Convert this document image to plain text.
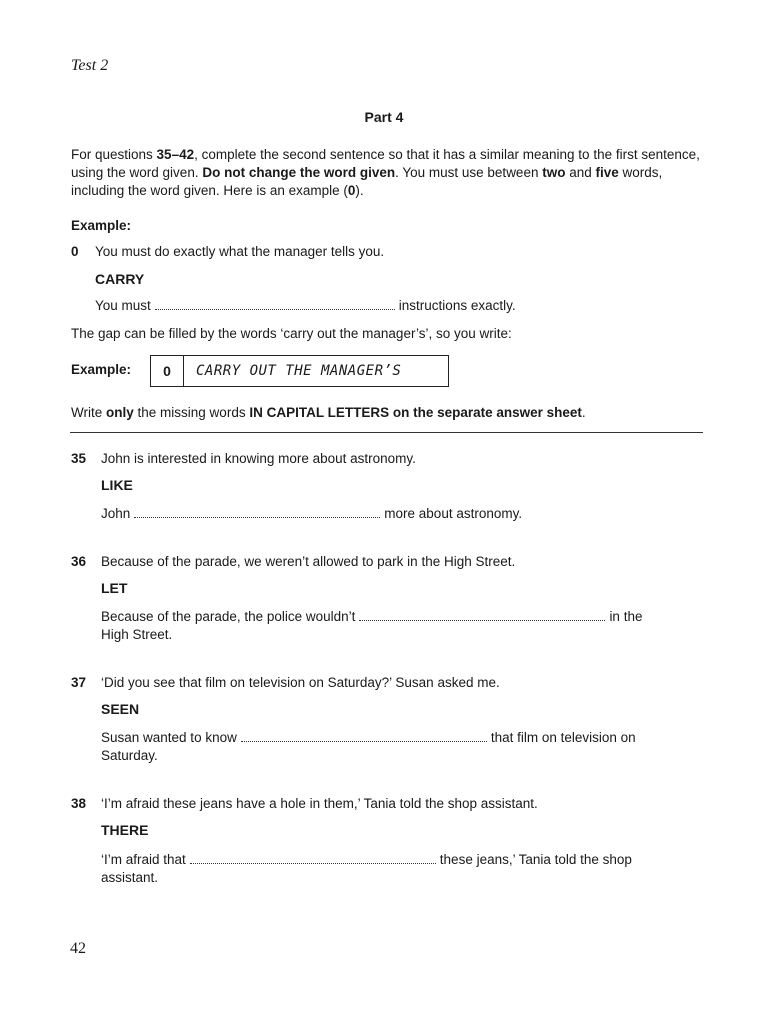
Test 2
Part 4
For questions 35–42, complete the second sentence so that it has a similar meaning to the first sentence, using the word given. Do not change the word given. You must use between two and five words, including the word given. Here is an example (0).
Example:
0 You must do exactly what the manager tells you.
CARRY
You must	instructions exactly.
The gap can be filled by the words ‘carry out the manager’s’, so you write:
Example:	0	CARRY OUT THE MANAGER’S
Write only the missing words IN CAPITAL LETTERS on the separate answer sheet.
35 John is interested in knowing more about astronomy.
LIKE
John	more about astronomy.
36 Because of the parade, we weren’t allowed to park in the High Street.
LET
Because of the parade, the police wouldn’t	in the
High Street.
37 ‘Did you see that film on television on Saturday?’ Susan asked me.
SEEN
Susan wanted to know	that film on television on
Saturday.
38 ‘I’m afraid these jeans have a hole in them,’ Tania told the shop assistant.
THERE
‘I’m afraid that	these jeans,’ Tania told the shop
assistant.
42
